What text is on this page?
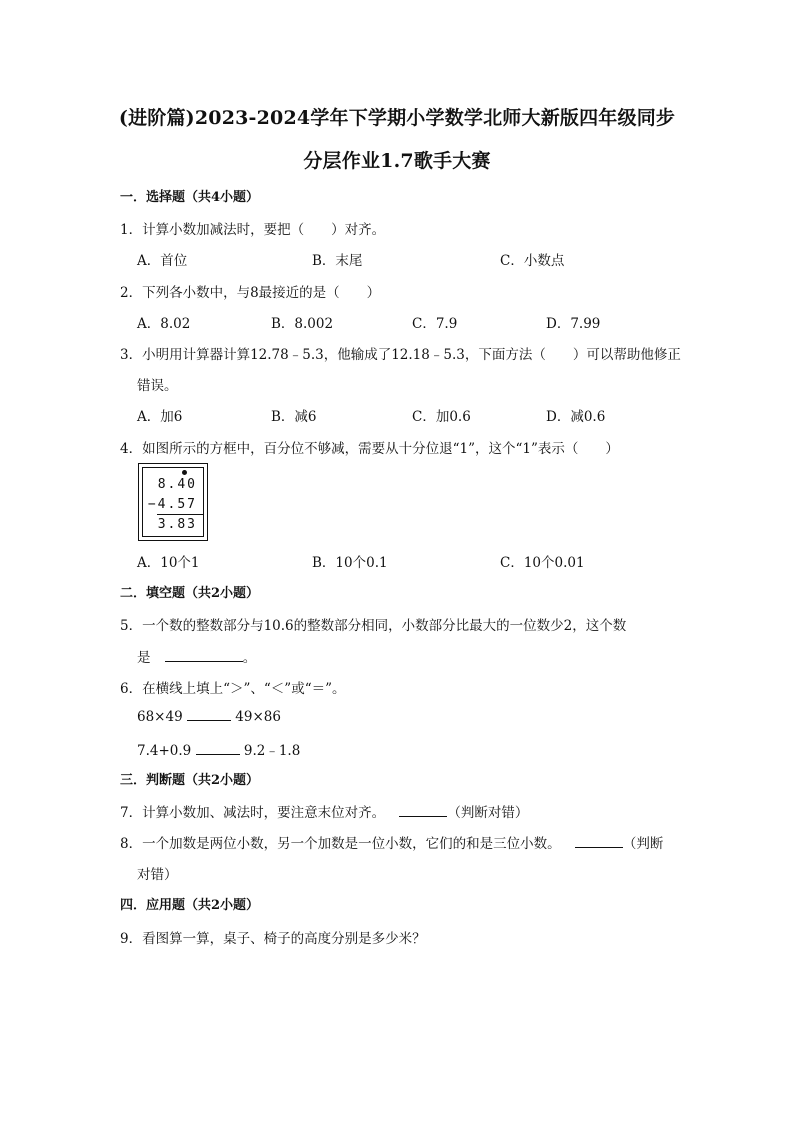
(进阶篇)2023-2024学年下学期小学数学北师大新版四年级同步
分层作业1.7歌手大赛
一．选择题（共4小题）
1．计算小数加减法时，要把（　　）对齐。
A．首位	B．末尾	C．小数点
2．下列各小数中，与8最接近的是（　　）
A．8.02	B．8.002	C．7.9	D．7.99
3．小明用计算器计算12.78﹣5.3，他输成了12.18﹣5.3，下面方法（　　）可以帮助他修正
错误。
A．加6	B．减6	C．加0.6	D．减0.6
4．如图所示的方框中，百分位不够减，需要从十分位退“1”，这个“1”表示（　　）
8.40
−4.57
3.83
A．10个1	B．10个0.1	C．10个0.01
二．填空题（共2小题）
5．一个数的整数部分与10.6的整数部分相同，小数部分比最大的一位数少2，这个数
是	。
6．在横线上填上“＞”、“＜”或“＝”。
68×49	49×86
7.4+0.9	9.2﹣1.8
三．判断题（共2小题）
7．计算小数加、减法时，要注意末位对齐。	（判断对错）
8．一个加数是两位小数，另一个加数是一位小数，它们的和是三位小数。	（判断
对错）
四．应用题（共2小题）
9．看图算一算，桌子、椅子的高度分别是多少米？
